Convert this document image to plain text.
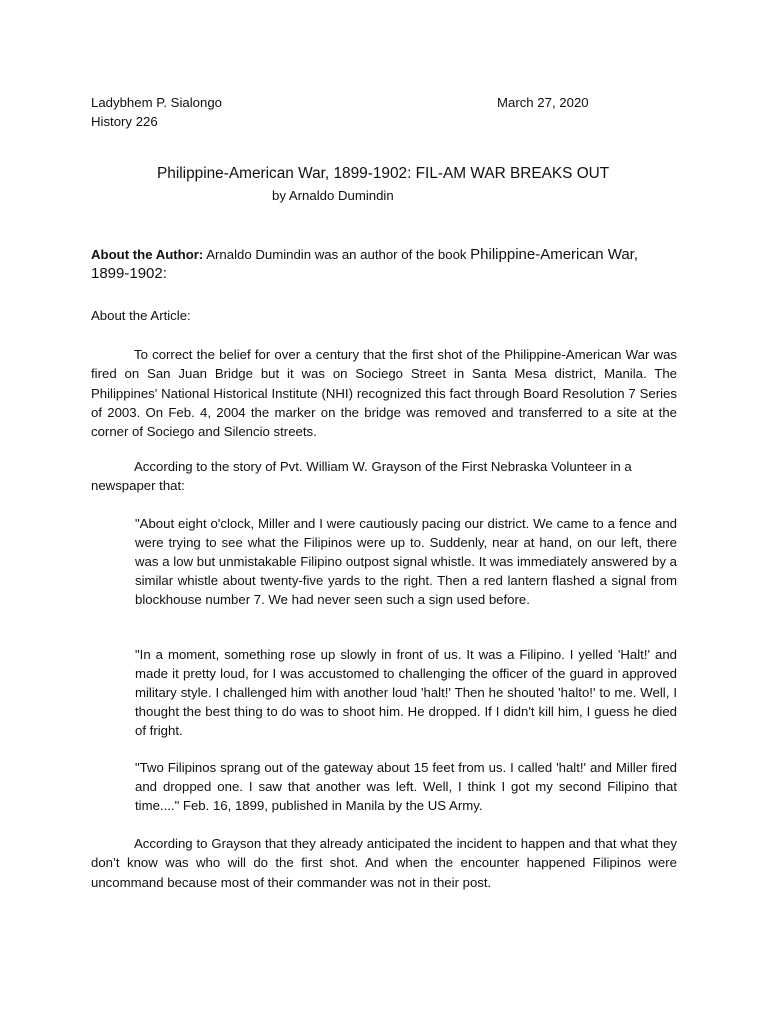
Ladybhem P. Sialongo
History 226
March 27, 2020
Philippine-American War, 1899-1902: FIL-AM WAR BREAKS OUT
by Arnaldo Dumindin
About the Author: Arnaldo Dumindin was an author of the book Philippine-American War, 1899-1902:
About the Article:

To correct the belief for over a century that the first shot of the Philippine-American War was fired on San Juan Bridge but it was on Sociego Street in Santa Mesa district, Manila. The Philippines' National Historical Institute (NHI) recognized this fact through Board Resolution 7 Series of 2003. On Feb. 4, 2004 the marker on the bridge was removed and transferred to a site at the corner of Sociego and Silencio streets.

According to the story of Pvt. William W. Grayson of the First Nebraska Volunteer in a newspaper that:

"About eight o'clock, Miller and I were cautiously pacing our district. We came to a fence and were trying to see what the Filipinos were up to. Suddenly, near at hand, on our left, there was a low but unmistakable Filipino outpost signal whistle. It was immediately answered by a similar whistle about twenty-five yards to the right. Then a red lantern flashed a signal from blockhouse number 7. We had never seen such a sign used before.

"In a moment, something rose up slowly in front of us. It was a Filipino. I yelled 'Halt!' and made it pretty loud, for I was accustomed to challenging the officer of the guard in approved military style. I challenged him with another loud 'halt!' Then he shouted 'halto!' to me. Well, I thought the best thing to do was to shoot him. He dropped. If I didn't kill him, I guess he died of fright.

"Two Filipinos sprang out of the gateway about 15 feet from us. I called 'halt!' and Miller fired and dropped one. I saw that another was left. Well, I think I got my second Filipino that time...." Feb. 16, 1899, published in Manila by the US Army.

According to Grayson that they already anticipated the incident to happen and that what they don’t know was who will do the first shot. And when the encounter happened Filipinos were uncommand because most of their commander was not in their post.
